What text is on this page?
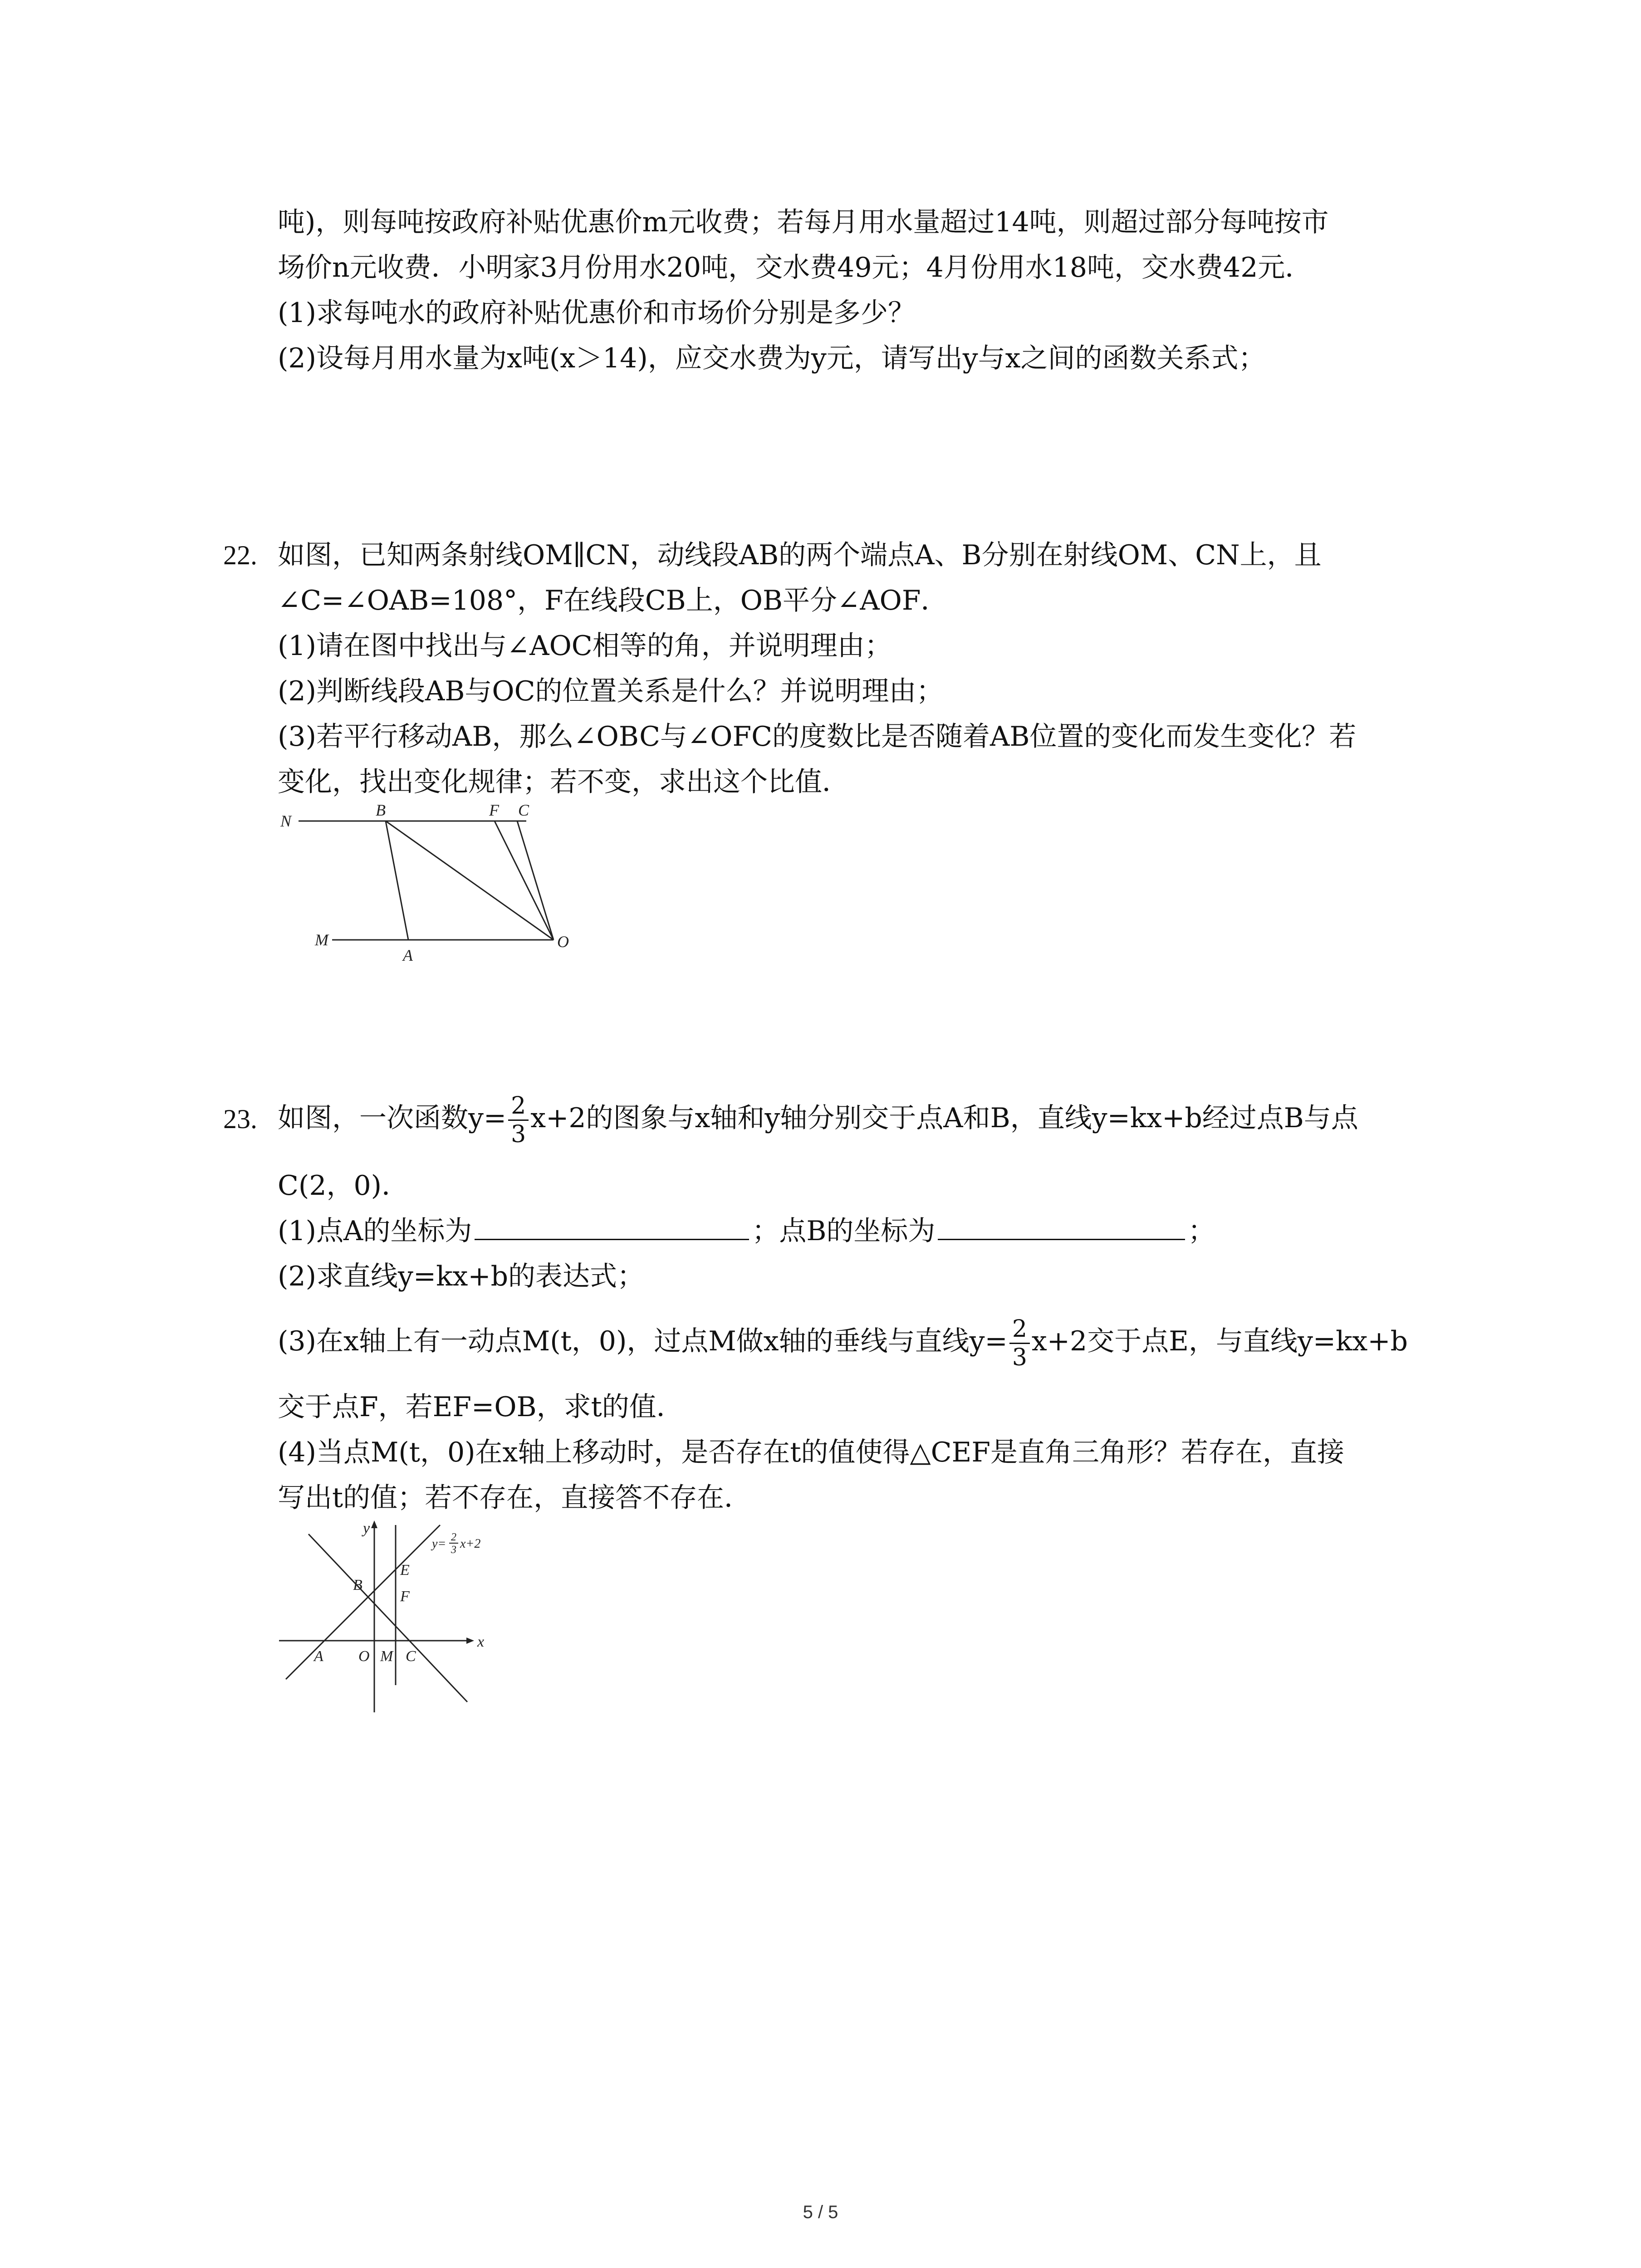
吨)，则每吨按政府补贴优惠价m元收费；若每月用水量超过14吨，则超过部分每吨按市
场价n元收费．小明家3月份用水20吨，交水费49元；4月份用水18吨，交水费42元．
(1)求每吨水的政府补贴优惠价和市场价分别是多少？
(2)设每月用水量为x吨(x＞14)，应交水费为y元，请写出y与x之间的函数关系式；
22. 如图，已知两条射线OM∥CN，动线段AB的两个端点A、B分别在射线OM、CN上，且
∠C=∠OAB=108°，F在线段CB上，OB平分∠AOF．
(1)请在图中找出与∠AOC相等的角，并说明理由；
(2)判断线段AB与OC的位置关系是什么？并说明理由；
(3)若平行移动AB，那么∠OBC与∠OFC的度数比是否随着AB位置的变化而发生变化？若
变化，找出变化规律；若不变，求出这个比值．
N
B	F C
M
A
O
23. 如图，一次函数$y= \frac{2}{3} x+2$的图象与x轴和y轴分别交于点A和B，直线y=kx+b经过点B与点
C(2，0)．
(1)点A的坐标为	；点B的坐标为	；
(2)求直线y=kx+b的表达式；
(3)在x轴上有一动点M(t，0)，过点M做x轴的垂线与直线$y= \frac{2}{3} x+2$交于点E，与直线y=kx+b
交于点F，若EF=OB，求t的值．
(4)当点M(t，0)在x轴上移动时，是否存在t的值使得△CEF是直角三角形？若存在，直接
写出t的值；若不存在，直接答不存在．
y
x
B
E
F
A O M C
y= 2
3 x+2
5 / 5
